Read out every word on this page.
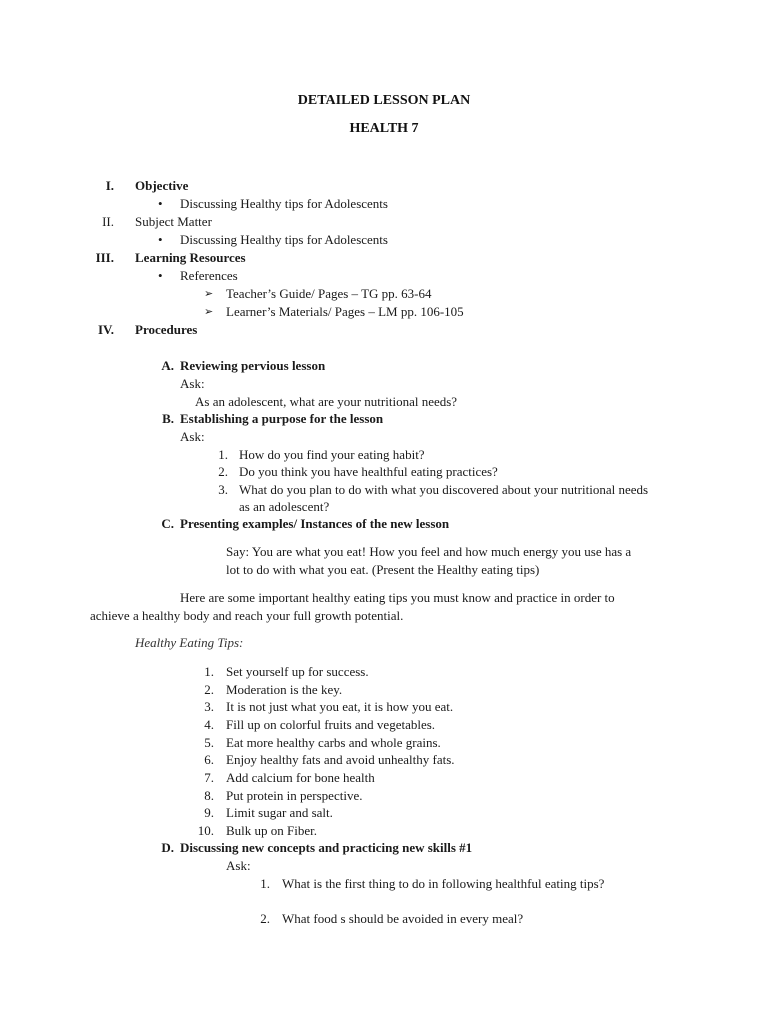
DETAILED LESSON PLAN
HEALTH 7
I. Objective
• Discussing Healthy tips for Adolescents
II. Subject Matter
• Discussing Healthy tips for Adolescents
III. Learning Resources
• References
➢ Teacher’s Guide/ Pages – TG pp. 63-64
➢ Learner’s Materials/ Pages – LM pp. 106-105
IV. Procedures
A. Reviewing pervious lesson
Ask:
As an adolescent, what are your nutritional needs?
B. Establishing a purpose for the lesson
Ask:
1. How do you find your eating habit?
2. Do you think you have healthful eating practices?
3. What do you plan to do with what you discovered about your nutritional needs
as an adolescent?
C. Presenting examples/ Instances of the new lesson
Say: You are what you eat! How you feel and how much energy you use has a
lot to do with what you eat. (Present the Healthy eating tips)
Here are some important healthy eating tips you must know and practice in order to
achieve a healthy body and reach your full growth potential.
Healthy Eating Tips:
1. Set yourself up for success.
2. Moderation is the key.
3. It is not just what you eat, it is how you eat.
4. Fill up on colorful fruits and vegetables.
5. Eat more healthy carbs and whole grains.
6. Enjoy healthy fats and avoid unhealthy fats.
7. Add calcium for bone health
8. Put protein in perspective.
9. Limit sugar and salt.
10. Bulk up on Fiber.
D. Discussing new concepts and practicing new skills #1
Ask:
1. What is the first thing to do in following healthful eating tips?
2. What food s should be avoided in every meal?
